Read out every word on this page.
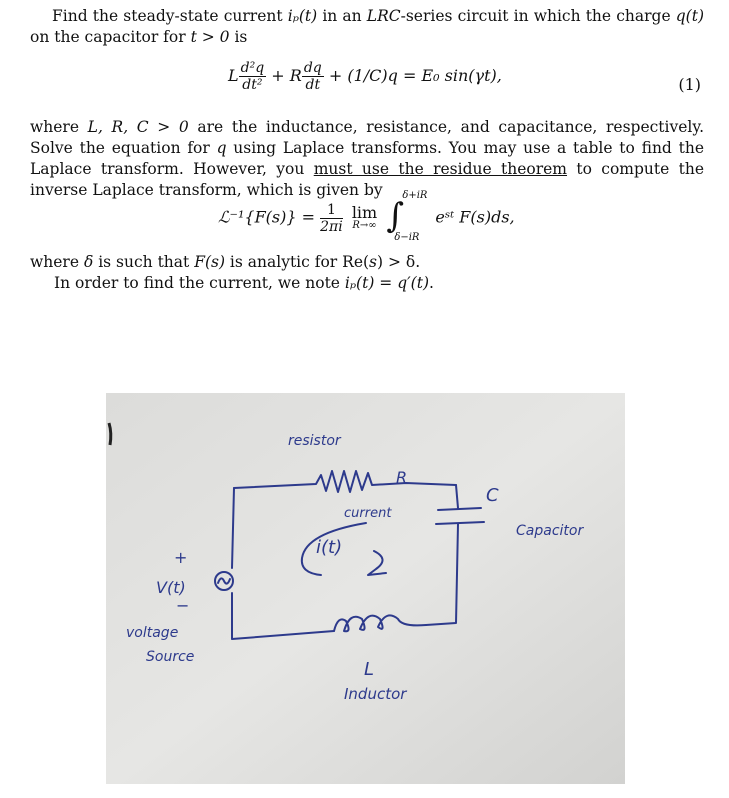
Find the steady-state current iₚ(t) in an LRC-series circuit in which the charge q(t) on the capacitor for t > 0 is
L $\frac{\text{d²q}}{\text{dt²}} + R \frac{dq}{dt} + (1/C)q = E_0$ sin(γt),	(1)
where L, R, C > 0 are the inductance, resistance, and capacitance, respectively. Solve the equation for q using Laplace transforms. You may use a table to find the Laplace transform. However, you must use the residue theorem to compute the inverse Laplace transform, which is given by
ℒ⁻¹{F(s)} = $\frac{1}{2\pi i}$
lim
R→∞
∫
δ+iR
δ−iR
eˢᵗ F(s)ds,
where δ is such that F(s) is analytic for Re(s) > δ.
In order to find the current, we note iₚ(t) = q′(t).
resistor
R
current
i(t)
C
Capacitor
+
V(t)
−
voltage
Source
L
Inductor
